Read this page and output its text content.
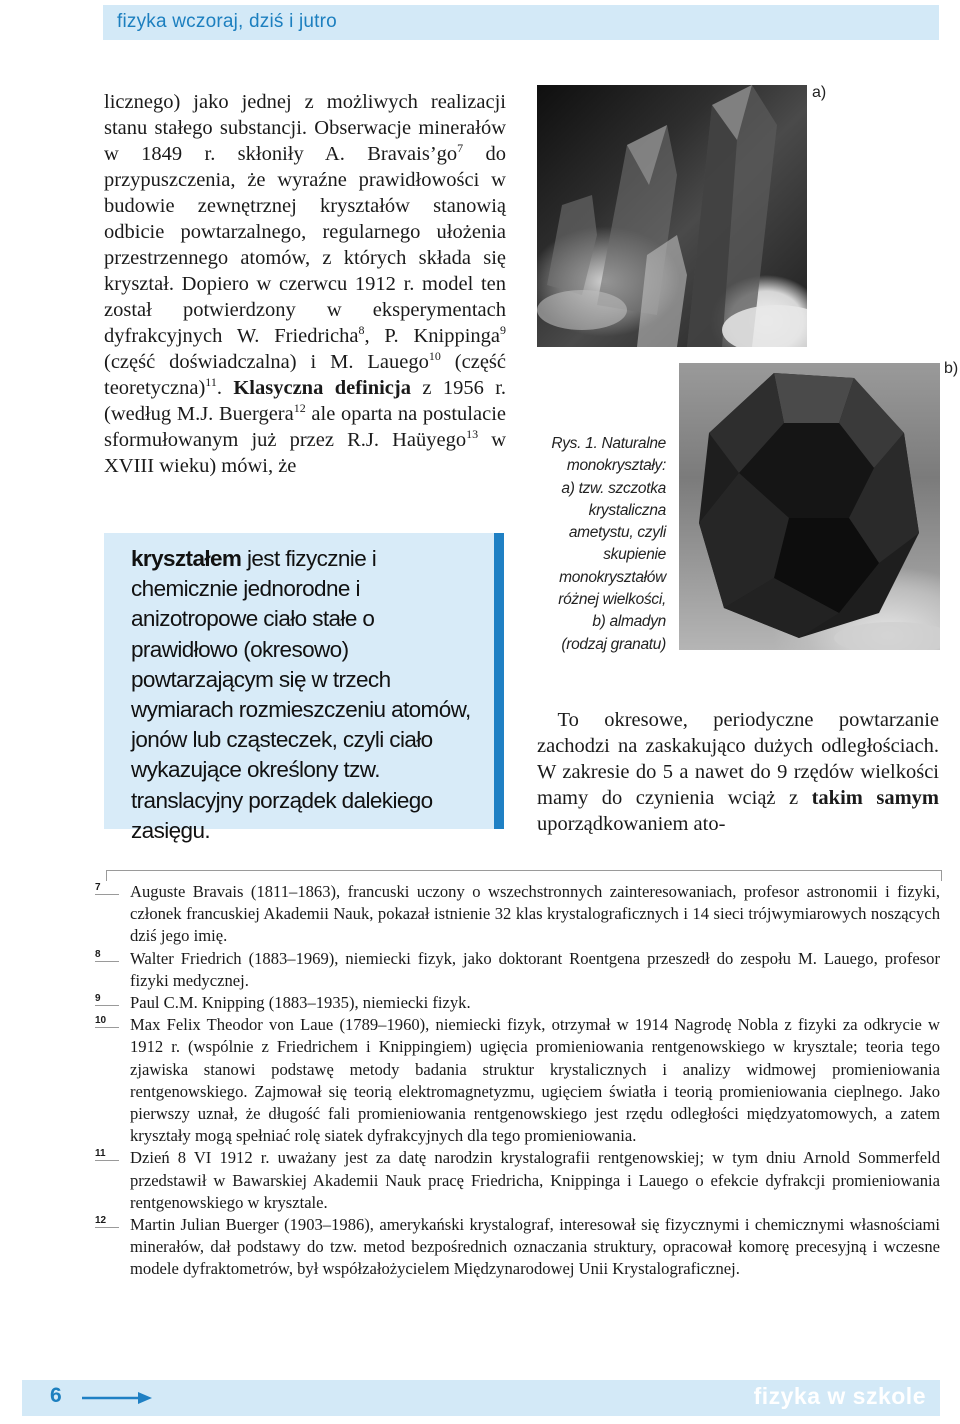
fizyka wczoraj, dziś i jutro

licznego) jako jednej z możliwych realizacji stanu stałego substancji. Obserwacje minerałów w 1849 r. skłoniły A. $Bravais’go^7$ do przypuszczenia, że wyraźne prawidłowości w budowie zewnętrznej kryształów stanowią odbicie powtarzalnego, regularnego ułożenia przestrzennego atomów, z których składa się kryształ. Dopiero w czerwcu 1912 r. model ten został potwierdzony w eksperymentach dyfrakcyjnych W. Friedricha$^8$, P. Knippinga$^9$ (część doświadczalna) i M. Lauego$^{10}$ (część teoretyczna)$^{11}$. Klasyczna definicja z 1956 r. (według M.J. Buergera$^{12}$ ale oparta na postulacie sformułowanym już przez R.J. Haüyego$^{13}$ w XVIII wieku) mówi, że

kryształem jest fizycznie i chemicznie jednorodne i anizotropowe ciało stałe o prawidłowo (okresowo) powtarzającym się w trzech wymiarach rozmieszczeniu atomów, jonów lub cząsteczek, czyli ciało wykazujące określony tzw. translacyjny porządek dalekiego zasięgu.
a)
b)
Rys. 1. Naturalne
monokryształy:
a) tzw. szczotka
krystaliczna
ametystu, czyli
skupienie
monokryształów
różnej wielkości,
b) almadyn
(rodzaj granatu)

 To okresowe, periodyczne powtarzanie zachodzi na zaskakująco dużych odległościach. W zakresie do 5 a nawet do 9 rzędów wielkości mamy do czynienia wciąż z takim samym uporządkowaniem ato-

7	Auguste Bravais (1811–1863), francuski uczony o wszechstronnych zainteresowaniach, profesor astronomii i fizyki, członek francuskiej Akademii Nauk, pokazał istnienie 32 klas krystalograficznych i 14 sieci trójwymiarowych noszących dziś jego imię.

8	Walter Friedrich (1883–1969), niemiecki fizyk, jako doktorant Roentgena przeszedł do zespołu M. Lauego, profesor fizyki medycznej.

9	Paul C.M. Knipping (1883–1935), niemiecki fizyk.

10	Max Felix Theodor von Laue (1789–1960), niemiecki fizyk, otrzymał w 1914 Nagrodę Nobla z fizyki za odkrycie w 1912 r. (wspólnie z Friedrichem i Knippingiem) ugięcia promieniowania rentgenowskiego w krysztale; teoria tego zjawiska stanowi podstawę metody badania struktur krystalicznych i analizy widmowej promieniowania rentgenowskiego. Zajmował się teorią elektromagnetyzmu, ugięciem światła i teorią promieniowania cieplnego. Jako pierwszy uznał, że długość fali promieniowania rentgenowskiego jest rzędu odległości międzyatomowych, a zatem kryształy mogą spełniać rolę siatek dyfrakcyjnych dla tego promieniowania.

11	Dzień 8 VI 1912 r. uważany jest za datę narodzin krystalografii rentgenowskiej; w tym dniu Arnold Sommerfeld przedstawił w Bawarskiej Akademii Nauk pracę Friedricha, Knippinga i Lauego o efekcie dyfrakcji promieniowania rentgenowskiego w krysztale.

12	Martin Julian Buerger (1903–1986), amerykański krystalograf, interesował się fizycznymi i chemicznymi własnościami minerałów, dał podstawy do tzw. metod bezpośrednich oznaczania struktury, opracował komorę precesyjną i wczesne modele dyfraktometrów, był współzałożycielem Międzynarodowej Unii Krystalograficznej.

6	fizyka w szkole
